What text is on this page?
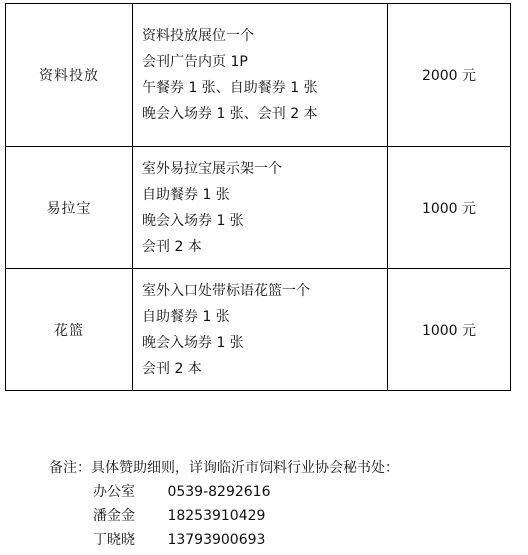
资料投放	资料投放展位一个
会刊广告内页 1P
午餐券 1 张、自助餐券 1 张
晚会入场券 1 张、会刊 2 本	2000 元
易拉宝	室外易拉宝展示架一个
自助餐券 1 张
晚会入场券 1 张
会刊 2 本	1000 元
花篮	室外入口处带标语花篮一个
自助餐券 1 张
晚会入场券 1 张
会刊 2 本	1000 元
备注：具体赞助细则，详询临沂市饲料行业协会秘书处：
办公室 0539-8292616
潘金金 18253910429
丁晓晓 13793900693
